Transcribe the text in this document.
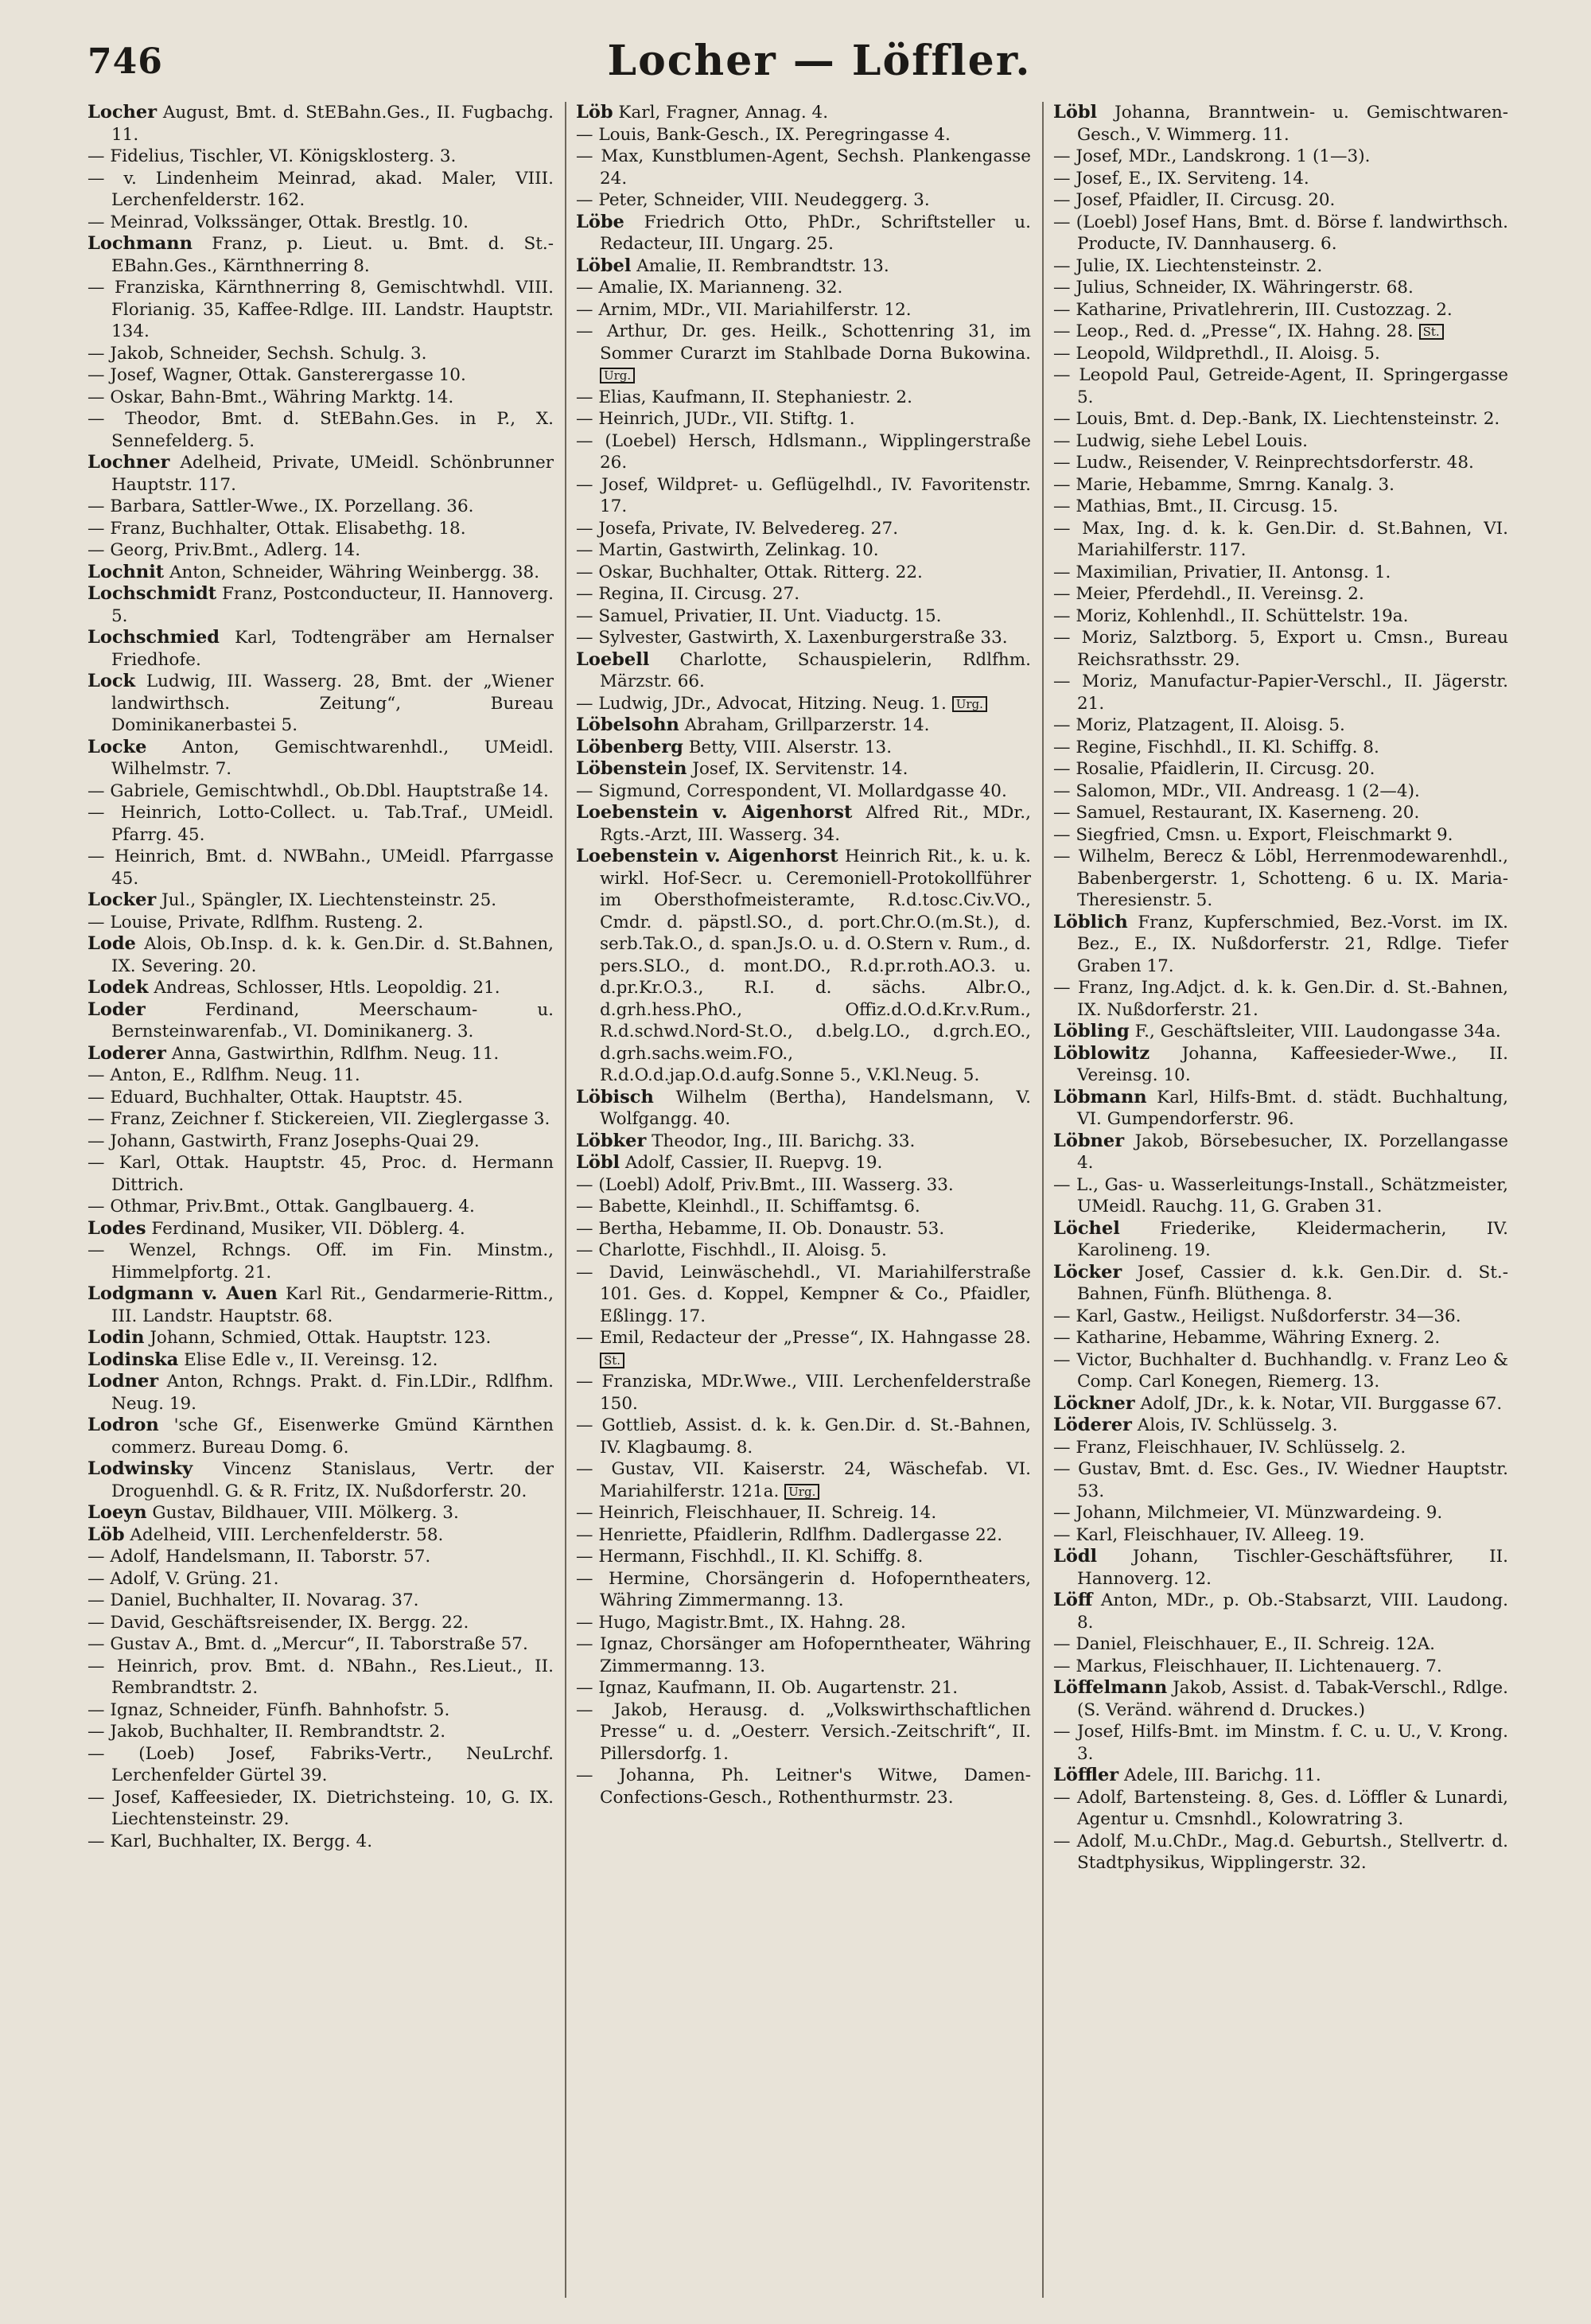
746	Locher — Löffler.

Locher August, Bmt. d. StEBahn.Ges., II. Fugbachg. 11.

— Fidelius, Tischler, VI. Königsklosterg. 3.

— v. Lindenheim Meinrad, akad. Maler, VIII. Lerchenfelderstr. 162.

— Meinrad, Volkssänger, Ottak. Brestlg. 10.

Lochmann Franz, p. Lieut. u. Bmt. d. St.-EBahn.Ges., Kärnthnerring 8.

— Franziska, Kärnthnerring 8, Gemischtwhdl. VIII. Florianig. 35, Kaffee-Rdlge. III. Landstr. Hauptstr. 134.

— Jakob, Schneider, Sechsh. Schulg. 3.

— Josef, Wagner, Ottak. Gansterergasse 10.

— Oskar, Bahn-Bmt., Währing Marktg. 14.

— Theodor, Bmt. d. StEBahn.Ges. in P., X. Sennefelderg. 5.

Lochner Adelheid, Private, UMeidl. Schönbrunner Hauptstr. 117.

— Barbara, Sattler-Wwe., IX. Porzellang. 36.

— Franz, Buchhalter, Ottak. Elisabethg. 18.

— Georg, Priv.Bmt., Adlerg. 14.

Lochnit Anton, Schneider, Währing Weinbergg. 38.

Lochschmidt Franz, Postconducteur, II. Hannoverg. 5.

Lochschmied Karl, Todtengräber am Hernalser Friedhofe.

Lock Ludwig, III. Wasserg. 28, Bmt. der „Wiener landwirthsch. Zeitung“, Bureau Dominikanerbastei 5.

Locke Anton, Gemischtwarenhdl., UMeidl. Wilhelmstr. 7.

— Gabriele, Gemischtwhdl., Ob.Dbl. Hauptstraße 14.

— Heinrich, Lotto-Collect. u. Tab.Traf., UMeidl. Pfarrg. 45.

— Heinrich, Bmt. d. NWBahn., UMeidl. Pfarrgasse 45.

Locker Jul., Spängler, IX. Liechtensteinstr. 25.

— Louise, Private, Rdlfhm. Rusteng. 2.

Lode Alois, Ob.Insp. d. k. k. Gen.Dir. d. St.Bahnen, IX. Severing. 20.

Lodek Andreas, Schlosser, Htls. Leopoldig. 21.

Loder	Ferdinand, Meerschaum- u. Bernsteinwarenfab., VI. Dominikanerg. 3.

Loderer Anna, Gastwirthin, Rdlfhm. Neug. 11.

— Anton, E., Rdlfhm. Neug. 11.

— Eduard, Buchhalter, Ottak. Hauptstr. 45.

— Franz, Zeichner f. Stickereien, VII. Zieglergasse 3.

— Johann, Gastwirth, Franz Josephs-Quai 29.

— Karl, Ottak. Hauptstr. 45, Proc. d. Hermann Dittrich.

— Othmar, Priv.Bmt., Ottak. Ganglbauerg. 4.

Lodes Ferdinand, Musiker, VII. Döblerg. 4.

— Wenzel, Rchngs. Off. im Fin. Minstm., Himmelpfortg. 21.

Lodgmann v. Auen Karl Rit., Gendarmerie-Rittm., III. Landstr. Hauptstr. 68.

Lodin Johann, Schmied, Ottak. Hauptstr. 123.

Lodinska Elise Edle v., II. Vereinsg. 12.

Lodner Anton, Rchngs. Prakt. d. Fin.LDir., Rdlfhm. Neug. 19.

Lodron 'sche Gf., Eisenwerke Gmünd Kärnthen commerz. Bureau Domg. 6.

Lodwinsky Vincenz Stanislaus, Vertr. der Droguenhdl. G. & R. Fritz, IX. Nußdorferstr. 20.

Loeyn Gustav, Bildhauer, VIII. Mölkerg. 3.

Löb Adelheid, VIII. Lerchenfelderstr. 58.

— Adolf, Handelsmann, II. Taborstr. 57.

— Adolf, V. Grüng. 21.

— Daniel, Buchhalter, II. Novarag. 37.

— David, Geschäftsreisender, IX. Bergg. 22.

— Gustav A., Bmt. d. „Mercur“, II. Taborstraße 57.

— Heinrich, prov. Bmt. d. NBahn., Res.Lieut., II. Rembrandtstr. 2.

— Ignaz, Schneider, Fünfh. Bahnhofstr. 5.

— Jakob, Buchhalter, II. Rembrandtstr. 2.

— (Loeb) Josef, Fabriks-Vertr., NeuLrchf. Lerchenfelder Gürtel 39.

— Josef, Kaffeesieder, IX. Dietrichsteing. 10, G. IX. Liechtensteinstr. 29.

— Karl, Buchhalter, IX. Bergg. 4.

Löb Karl, Fragner, Annag. 4.

— Louis, Bank-Gesch., IX. Peregringasse 4.

— Max, Kunstblumen-Agent, Sechsh. Plankengasse 24.

— Peter, Schneider, VIII. Neudeggerg. 3.

Löbe Friedrich Otto, PhDr., Schriftsteller u. Redacteur, III. Ungarg. 25.

Löbel Amalie, II. Rembrandtstr. 13.

— Amalie, IX. Marianneng. 32.

— Arnim, MDr., VII. Mariahilferstr. 12.

— Arthur, Dr. ges. Heilk., Schottenring 31, im Sommer Curarzt im Stahlbade Dorna Bukowina. Urg.

— Elias, Kaufmann, II. Stephaniestr. 2.

— Heinrich, JUDr., VII. Stiftg. 1.

— (Loebel) Hersch, Hdlsmann., Wipplingerstraße 26.

— Josef, Wildpret- u. Geflügelhdl., IV. Favoritenstr. 17.

— Josefa, Private, IV. Belvedereg. 27.

— Martin, Gastwirth, Zelinkag. 10.

— Oskar, Buchhalter, Ottak. Ritterg. 22.

— Regina, II. Circusg. 27.

— Samuel, Privatier, II. Unt. Viaductg. 15.

— Sylvester, Gastwirth, X. Laxenburgerstraße 33.

Loebell Charlotte, Schauspielerin, Rdlfhm. Märzstr. 66.

— Ludwig, JDr., Advocat, Hitzing. Neug. 1. Urg.

Löbelsohn Abraham, Grillparzerstr. 14.

Löbenberg Betty, VIII. Alserstr. 13.

Löbenstein Josef, IX. Servitenstr. 14.

— Sigmund, Correspondent, VI. Mollardgasse 40.

Loebenstein v. Aigenhorst Alfred Rit., MDr., Rgts.-Arzt, III. Wasserg. 34.

Loebenstein v. Aigenhorst Heinrich Rit., k. u. k. wirkl. Hof-Secr. u. Ceremoniell-Protokollführer im Obersthofmeisteramte, R.d.tosc.Civ.VO., Cmdr. d. päpstl.SO., d. port.Chr.O.(m.St.), d. serb.Tak.O., d. span.Js.O. u. d. O.Stern v. Rum., d. pers.SLO., d. mont.DO., R.d.pr.roth.AO.3. u. d.pr.Kr.O.3., R.I. d. sächs. Albr.O., d.grh.hess.PhO., Offiz.d.O.d.Kr.v.Rum., R.d.schwd.Nord-St.O., d.belg.LO., d.grch.EO., d.grh.sachs.weim.FO., R.d.O.d.jap.O.d.aufg.Sonne 5., V.Kl.Neug. 5.

Löbisch Wilhelm (Bertha), Handelsmann, V. Wolfgangg. 40.

Löbker Theodor, Ing., III. Barichg. 33.

Löbl Adolf, Cassier, II. Ruepvg. 19.

— (Loebl) Adolf, Priv.Bmt., III. Wasserg. 33.

— Babette, Kleinhdl., II. Schiffamtsg. 6.

— Bertha, Hebamme, II. Ob. Donaustr. 53.

— Charlotte, Fischhdl., II. Aloisg. 5.

— David, Leinwäschehdl., VI. Mariahilferstraße 101. Ges. d. Koppel, Kempner & Co., Pfaidler, Eßlingg. 17.

— Emil, Redacteur der „Presse“, IX. Hahngasse 28. St.

— Franziska, MDr.Wwe., VIII. Lerchenfelderstraße 150.

— Gottlieb, Assist. d. k. k. Gen.Dir. d. St.-Bahnen, IV. Klagbaumg. 8.

— Gustav, VII. Kaiserstr. 24, Wäschefab. VI. Mariahilferstr. 121a. Urg.

— Heinrich, Fleischhauer, II. Schreig. 14.

— Henriette, Pfaidlerin, Rdlfhm. Dadlergasse 22.

— Hermann, Fischhdl., II. Kl. Schiffg. 8.

— Hermine, Chorsängerin d. Hofoperntheaters, Währing Zimmermanng. 13.

— Hugo, Magistr.Bmt., IX. Hahng. 28.

— Ignaz, Chorsänger am Hofoperntheater, Währing Zimmermanng. 13.

— Ignaz, Kaufmann, II. Ob. Augartenstr. 21.

— Jakob, Herausg. d. „Volkswirthschaftlichen Presse“ u. d. „Oesterr. Versich.-Zeitschrift“, II. Pillersdorfg. 1.

— Johanna, Ph. Leitner's Witwe, Damen-Confections-Gesch., Rothenthurmstr. 23.

Löbl Johanna, Branntwein- u. Gemischtwaren-Gesch., V. Wimmerg. 11.

— Josef, MDr., Landskrong. 1 (1—3).

— Josef, E., IX. Serviteng. 14.

— Josef, Pfaidler, II. Circusg. 20.

— (Loebl) Josef Hans, Bmt. d. Börse f. landwirthsch. Producte, IV. Dannhauserg. 6.

— Julie, IX. Liechtensteinstr. 2.

— Julius, Schneider, IX. Währingerstr. 68.

— Katharine, Privatlehrerin, III. Custozzag. 2.

— Leop., Red. d. „Presse“, IX. Hahng. 28. St.

— Leopold, Wildprethdl., II. Aloisg. 5.

— Leopold Paul, Getreide-Agent, II. Springergasse 5.

— Louis, Bmt. d. Dep.-Bank, IX. Liechtensteinstr. 2.

— Ludwig, siehe Lebel Louis.

— Ludw., Reisender, V. Reinprechtsdorferstr. 48.

— Marie, Hebamme, Smrng. Kanalg. 3.

— Mathias, Bmt., II. Circusg. 15.

— Max, Ing. d. k. k. Gen.Dir. d. St.Bahnen, VI. Mariahilferstr. 117.

— Maximilian, Privatier, II. Antonsg. 1.

— Meier, Pferdehdl., II. Vereinsg. 2.

— Moriz, Kohlenhdl., II. Schüttelstr. 19a.

— Moriz, Salztborg. 5, Export u. Cmsn., Bureau Reichsrathsstr. 29.

— Moriz, Manufactur-Papier-Verschl., II. Jägerstr. 21.

— Moriz, Platzagent, II. Aloisg. 5.

— Regine, Fischhdl., II. Kl. Schiffg. 8.

— Rosalie, Pfaidlerin, II. Circusg. 20.

— Salomon, MDr., VII. Andreasg. 1 (2—4).

— Samuel, Restaurant, IX. Kaserneng. 20.

— Siegfried, Cmsn. u. Export, Fleischmarkt 9.

— Wilhelm, Berecz & Löbl, Herrenmodewarenhdl., Babenbergerstr. 1, Schotteng. 6 u. IX. Maria-Theresienstr. 5.

Löblich Franz, Kupferschmied, Bez.-Vorst. im IX. Bez., E., IX. Nußdorferstr. 21, Rdlge. Tiefer Graben 17.

— Franz, Ing.Adjct. d. k. k. Gen.Dir. d. St.-Bahnen, IX. Nußdorferstr. 21.

Löbling F., Geschäftsleiter, VIII. Laudongasse 34a.

Löblowitz Johanna, Kaffeesieder-Wwe., II. Vereinsg. 10.

Löbmann Karl, Hilfs-Bmt. d. städt. Buchhaltung, VI. Gumpendorferstr. 96.

Löbner Jakob, Börsebesucher, IX. Porzellangasse 4.

— L., Gas- u. Wasserleitungs-Install., Schätzmeister, UMeidl. Rauchg. 11, G. Graben 31.

Löchel Friederike, Kleidermacherin, IV. Karolineng. 19.

Löcker Josef, Cassier d. k.k. Gen.Dir. d. St.-Bahnen, Fünfh. Blüthenga. 8.

— Karl, Gastw., Heiligst. Nußdorferstr. 34—36.

— Katharine, Hebamme, Währing Exnerg. 2.

— Victor, Buchhalter d. Buchhandlg. v. Franz Leo & Comp. Carl Konegen, Riemerg. 13.

Löckner Adolf, JDr., k. k. Notar, VII. Burggasse 67.

Löderer Alois, IV. Schlüsselg. 3.

— Franz, Fleischhauer, IV. Schlüsselg. 2.

— Gustav, Bmt. d. Esc. Ges., IV. Wiedner Hauptstr. 53.

— Johann, Milchmeier, VI. Münzwardeing. 9.

— Karl, Fleischhauer, IV. Alleeg. 19.

Lödl Johann, Tischler-Geschäftsführer, II. Hannoverg. 12.

Löff Anton, MDr., p. Ob.-Stabsarzt, VIII. Laudong. 8.

— Daniel, Fleischhauer, E., II. Schreig. 12A.

— Markus, Fleischhauer, II. Lichtenauerg. 7.

Löffelmann Jakob, Assist. d. Tabak-Verschl., Rdlge. (S. Veränd. während d. Druckes.)

— Josef, Hilfs-Bmt. im Minstm. f. C. u. U., V. Krong. 3.

Löffler Adele, III. Barichg. 11.

— Adolf, Bartensteing. 8, Ges. d. Löffler & Lunardi, Agentur u. Cmsnhdl., Kolowratring 3.

— Adolf, M.u.ChDr., Mag.d. Geburtsh., Stellvertr. d. Stadtphysikus, Wipplingerstr. 32.
